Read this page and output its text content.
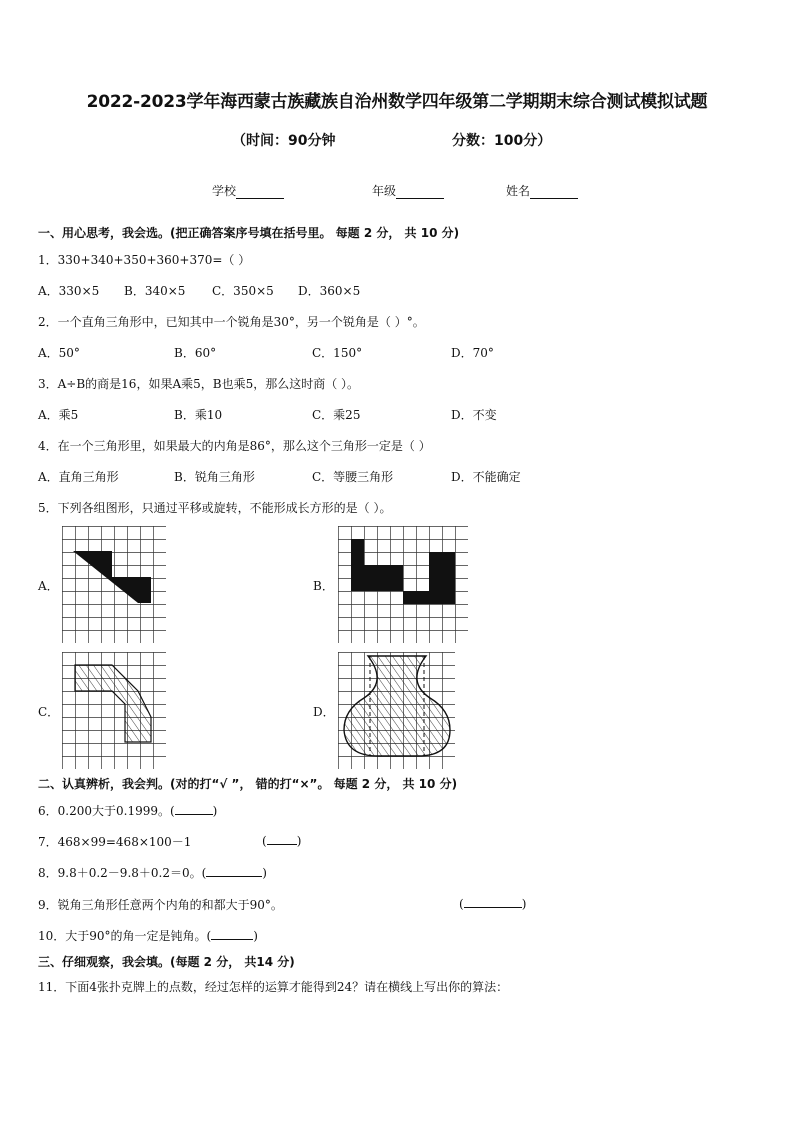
2022-2023学年海西蒙古族藏族自治州数学四年级第二学期期末综合测试模拟试题
（时间：90分钟	分数：100分）
学校	年级	姓名
一、用心思考，我会选。(把正确答案序号填在括号里。 每题 2 分， 共 10 分)
1．330+340+350+360+370=（ ）
A．330×5 B．340×5 C．350×5 D．360×5
2．一个直角三角形中，已知其中一个锐角是30°，另一个锐角是（ ）°。
A．50°	B．60°	C．150°	D．70°
3．A÷B的商是16，如果A乘5，B也乘5，那么这时商（ ）。
A．乘5	B．乘10	C．乘25	D．不变
4．在一个三角形里，如果最大的内角是86°，那么这个三角形一定是（ ）
A．直角三角形	B．锐角三角形	C．等腰三角形	D．不能确定
5．下列各组图形，只通过平移或旋转，不能形成长方形的是（ ）。
A．	B．
C．	D．
二、认真辨析，我会判。(对的打“√ ”， 错的打“×”。 每题 2 分， 共 10 分)
6．0.200大于0.1999。(	)
7．468×99=468×100－1	(	)
8．9.8＋0.2－9.8＋0.2＝0。(	)
9．锐角三角形任意两个内角的和都大于90°。	(	)
10．大于90°的角一定是钝角。(	)
三、仔细观察，我会填。(每题 2 分， 共14 分)
11．下面4张扑克牌上的点数，经过怎样的运算才能得到24？请在横线上写出你的算法：
